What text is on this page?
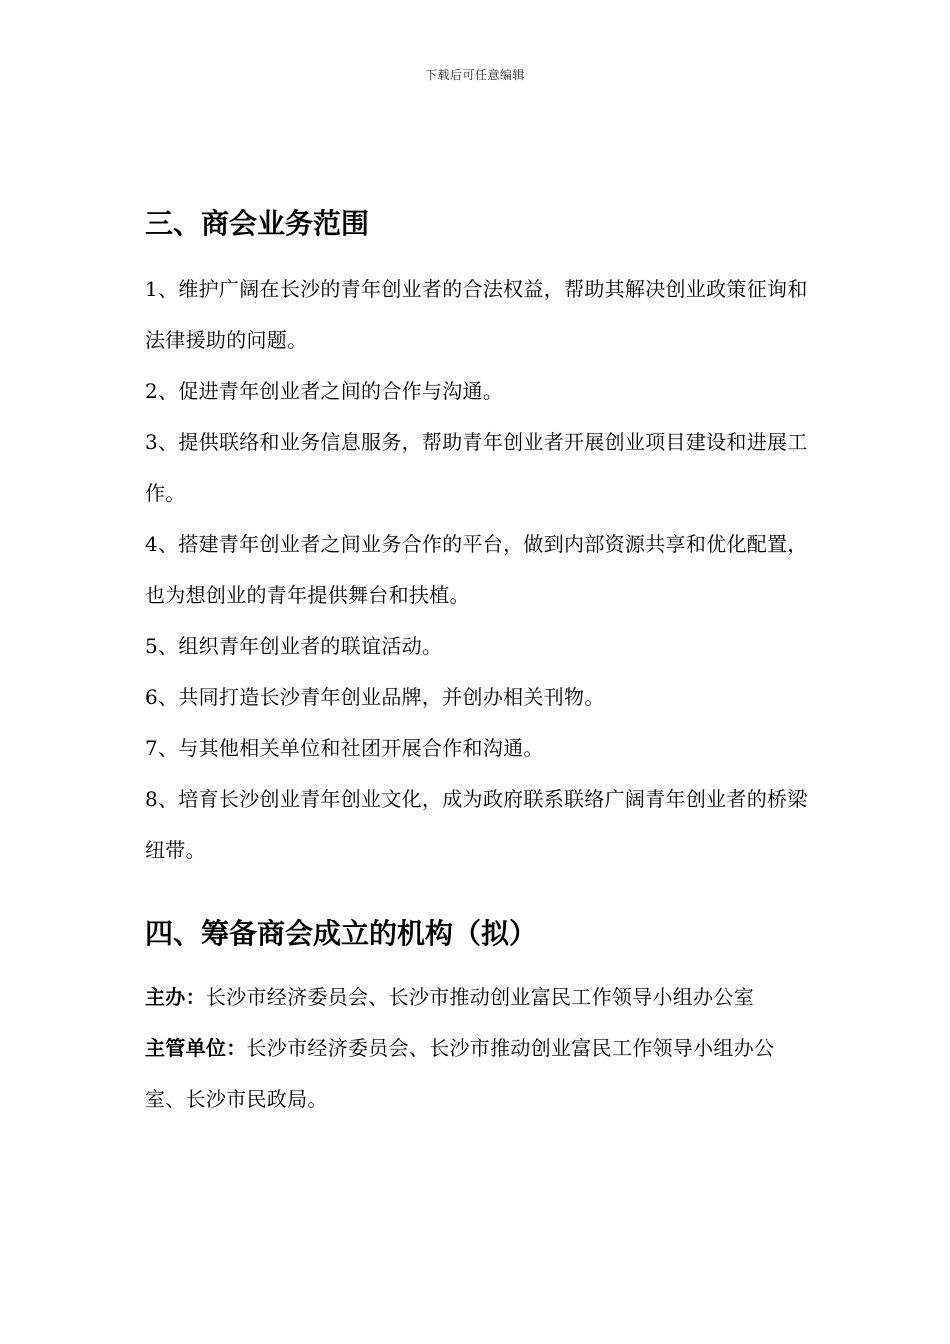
下载后可任意编辑
三、商会业务范围
1、维护广阔在长沙的青年创业者的合法权益，帮助其解决创业政策征询和法律援助的问题。
2、促进青年创业者之间的合作与沟通。
3、提供联络和业务信息服务，帮助青年创业者开展创业项目建设和进展工作。
4、搭建青年创业者之间业务合作的平台，做到内部资源共享和优化配置，也为想创业的青年提供舞台和扶植。
5、组织青年创业者的联谊活动。
6、共同打造长沙青年创业品牌，并创办相关刊物。
7、与其他相关单位和社团开展合作和沟通。
8、培育长沙创业青年创业文化，成为政府联系联络广阔青年创业者的桥梁纽带。
四、筹备商会成立的机构（拟）

主办：长沙市经济委员会、长沙市推动创业富民工作领导小组办公室

主管单位：长沙市经济委员会、长沙市推动创业富民工作领导小组办公室、长沙市民政局。
